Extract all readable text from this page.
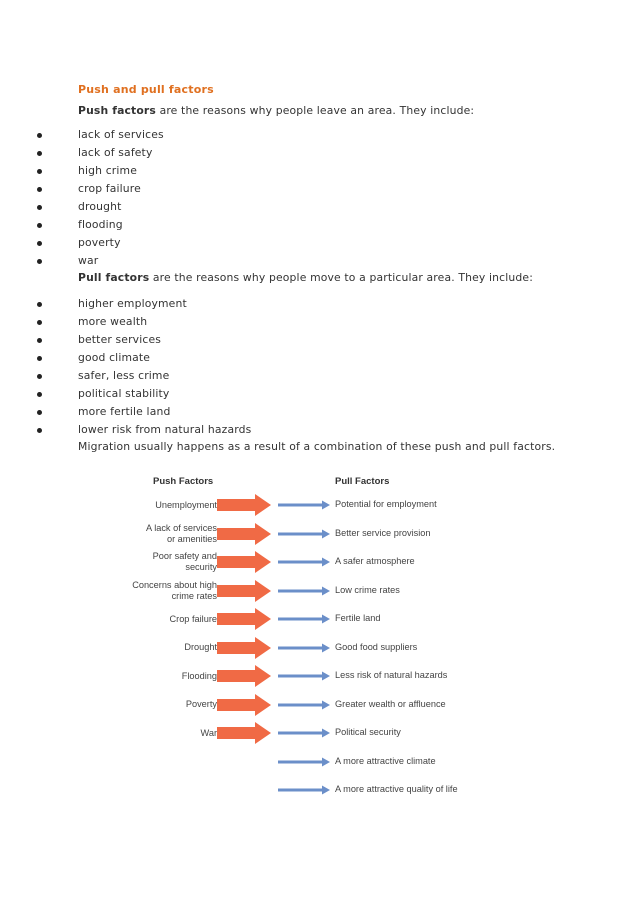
Push and pull factors
Push factors are the reasons why people leave an area. They include:
lack of services
lack of safety
high crime
crop failure
drought
flooding
poverty
war
Pull factors are the reasons why people move to a particular area. They include:
higher employment
more wealth
better services
good climate
safer, less crime
political stability
more fertile land
lower risk from natural hazards
Migration usually happens as a result of a combination of these push and pull factors.
Push Factors	Pull Factors
Unemployment
A lack of services
or amenities
Poor safety and
security
Concerns about high
crime rates
Crop failure
Drought
Flooding
Poverty
War
Potential for employment
Better service provision
A safer atmosphere
Low crime rates
Fertile land
Good food suppliers
Less risk of natural hazards
Greater wealth or affluence
Political security
A more attractive climate
A more attractive quality of life
